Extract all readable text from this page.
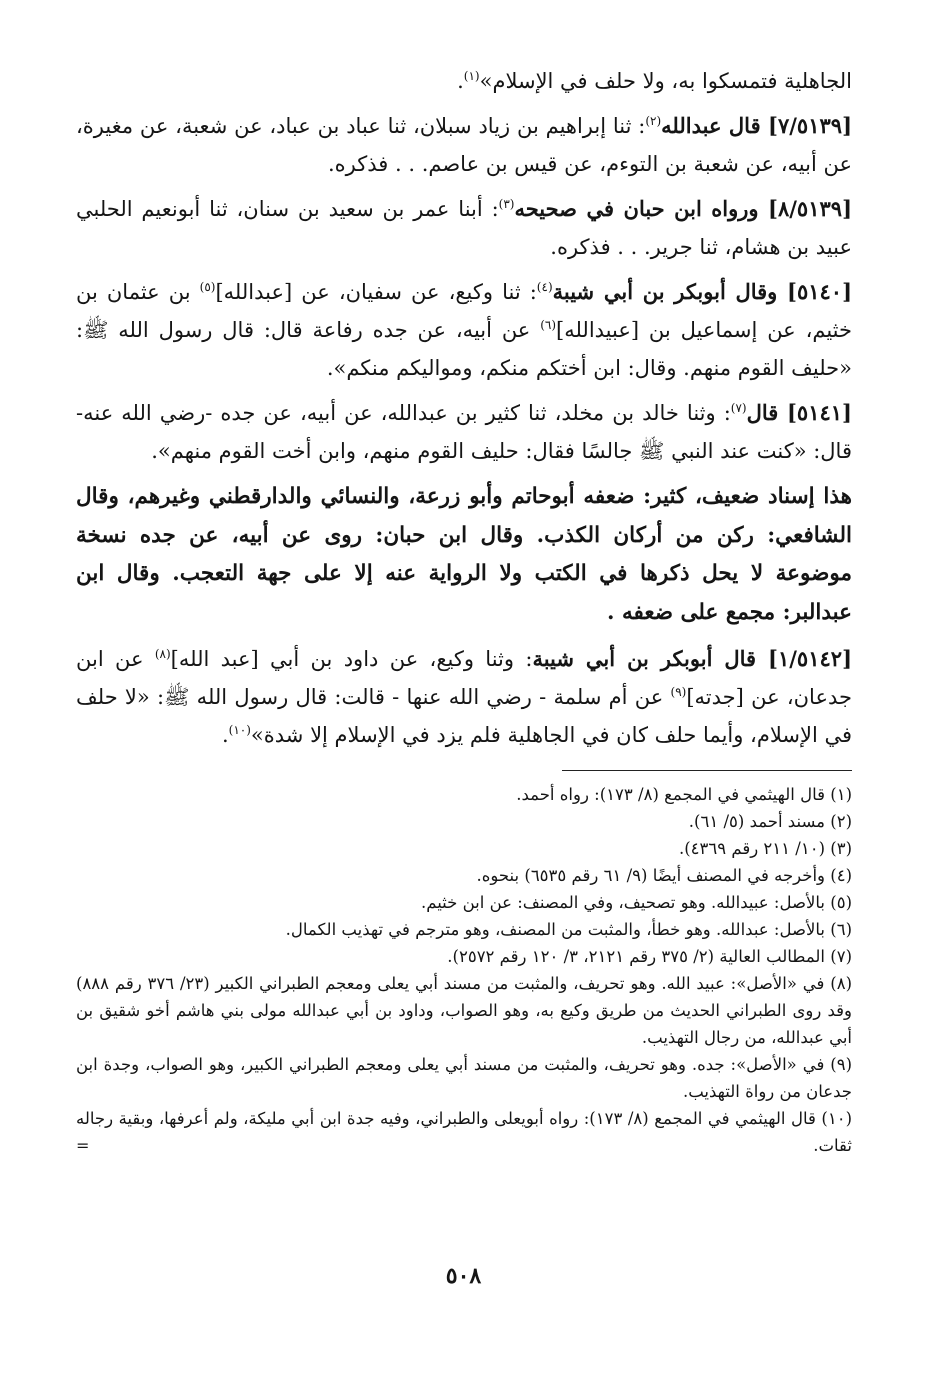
الجاهلية فتمسكوا به، ولا حلف في الإسلام»$^{(١)}$.

[٧/٥١٣٩] قال عبدالله$^{(٢)}$: ثنا إبراهيم بن زياد سبلان، ثنا عباد بن عباد، عن شعبة، عن مغيرة، عن أبيه، عن شعبة بن التوءم، عن قيس بن عاصم. . . فذكره.

[٨/٥١٣٩] ورواه ابن حبان في صحيحه$^{(٣)}$: أبنا عمر بن سعيد بن سنان، ثنا أبونعيم الحلبي عبيد بن هشام، ثنا جرير. . . فذكره.

[٥١٤٠] وقال أبوبكر بن أبي شيبة$^{(٤)}$: ثنا وكيع، عن سفيان، عن [عبدالله]$^{(٥)}$ بن عثمان بن خثيم، عن إسماعيل بن [عبيدالله]$^{(٦)}$ عن أبيه، عن جده رفاعة قال: قال رسول الله ﷺ: «حليف القوم منهم. وقال: ابن أختكم منكم، ومواليكم منكم».

[٥١٤١] قال$^{(٧)}$: وثنا خالد بن مخلد، ثنا كثير بن عبدالله، عن أبيه، عن جده -رضي الله عنه- قال: «كنت عند النبي ﷺ جالسًا فقال: حليف القوم منهم، وابن أخت القوم منهم».

هذا إسناد ضعيف، كثير: ضعفه أبوحاتم وأبو زرعة، والنسائي والدارقطني وغيرهم، وقال الشافعي: ركن من أركان الكذب. وقال ابن حبان: روى عن أبيه، عن جده نسخة موضوعة لا يحل ذكرها في الكتب ولا الرواية عنه إلا على جهة التعجب. وقال ابن عبدالبر: مجمع على ضعفه .

[١/٥١٤٢] قال أبوبكر بن أبي شيبة: وثنا وكيع، عن داود بن أبي [عبد الله]$^{(٨)}$ عن ابن جدعان، عن [جدته]$^{(٩)}$ عن أم سلمة - رضي الله عنها - قالت: قال رسول الله ﷺ: «لا حلف في الإسلام، وأيما حلف كان في الجاهلية فلم يزد في الإسلام إلا شدة»$^{(١٠)}$.

(١) قال الهيثمي في المجمع (٨/ ١٧٣): رواه أحمد.

(٢) مسند أحمد (٥/ ٦١).

(٣) (١٠/ ٢١١ رقم ٤٣٦٩).

(٤) وأخرجه في المصنف أيضًا (٩/ ٦١ رقم ٦٥٣٥) بنحوه.

(٥) بالأصل: عبيدالله. وهو تصحيف، وفي المصنف: عن ابن خثيم.

(٦) بالأصل: عبدالله. وهو خطأ، والمثبت من المصنف، وهو مترجم في تهذيب الكمال.

(٧) المطالب العالية (٢/ ٣٧٥ رقم ٢١٢١، ٣/ ١٢٠ رقم ٢٥٧٢).

(٨) في «الأصل»: عبيد الله. وهو تحريف، والمثبت من مسند أبي يعلى ومعجم الطبراني الكبير (٢٣/ ٣٧٦ رقم ٨٨٨) وقد روى الطبراني الحديث من طريق وكيع به، وهو الصواب، وداود بن أبي عبدالله مولى بني هاشم أخو شقيق بن أبي عبدالله، من رجال التهذيب.

(٩) في «الأصل»: جده. وهو تحريف، والمثبت من مسند أبي يعلى ومعجم الطبراني الكبير، وهو الصواب، وجدة ابن جدعان من رواة التهذيب.

(١٠) قال الهيثمي في المجمع (٨/ ١٧٣): رواه أبويعلى والطبراني، وفيه جدة ابن أبي مليكة، ولم أعرفها، وبقية رجاله ثقات.

=
٥٠٨
